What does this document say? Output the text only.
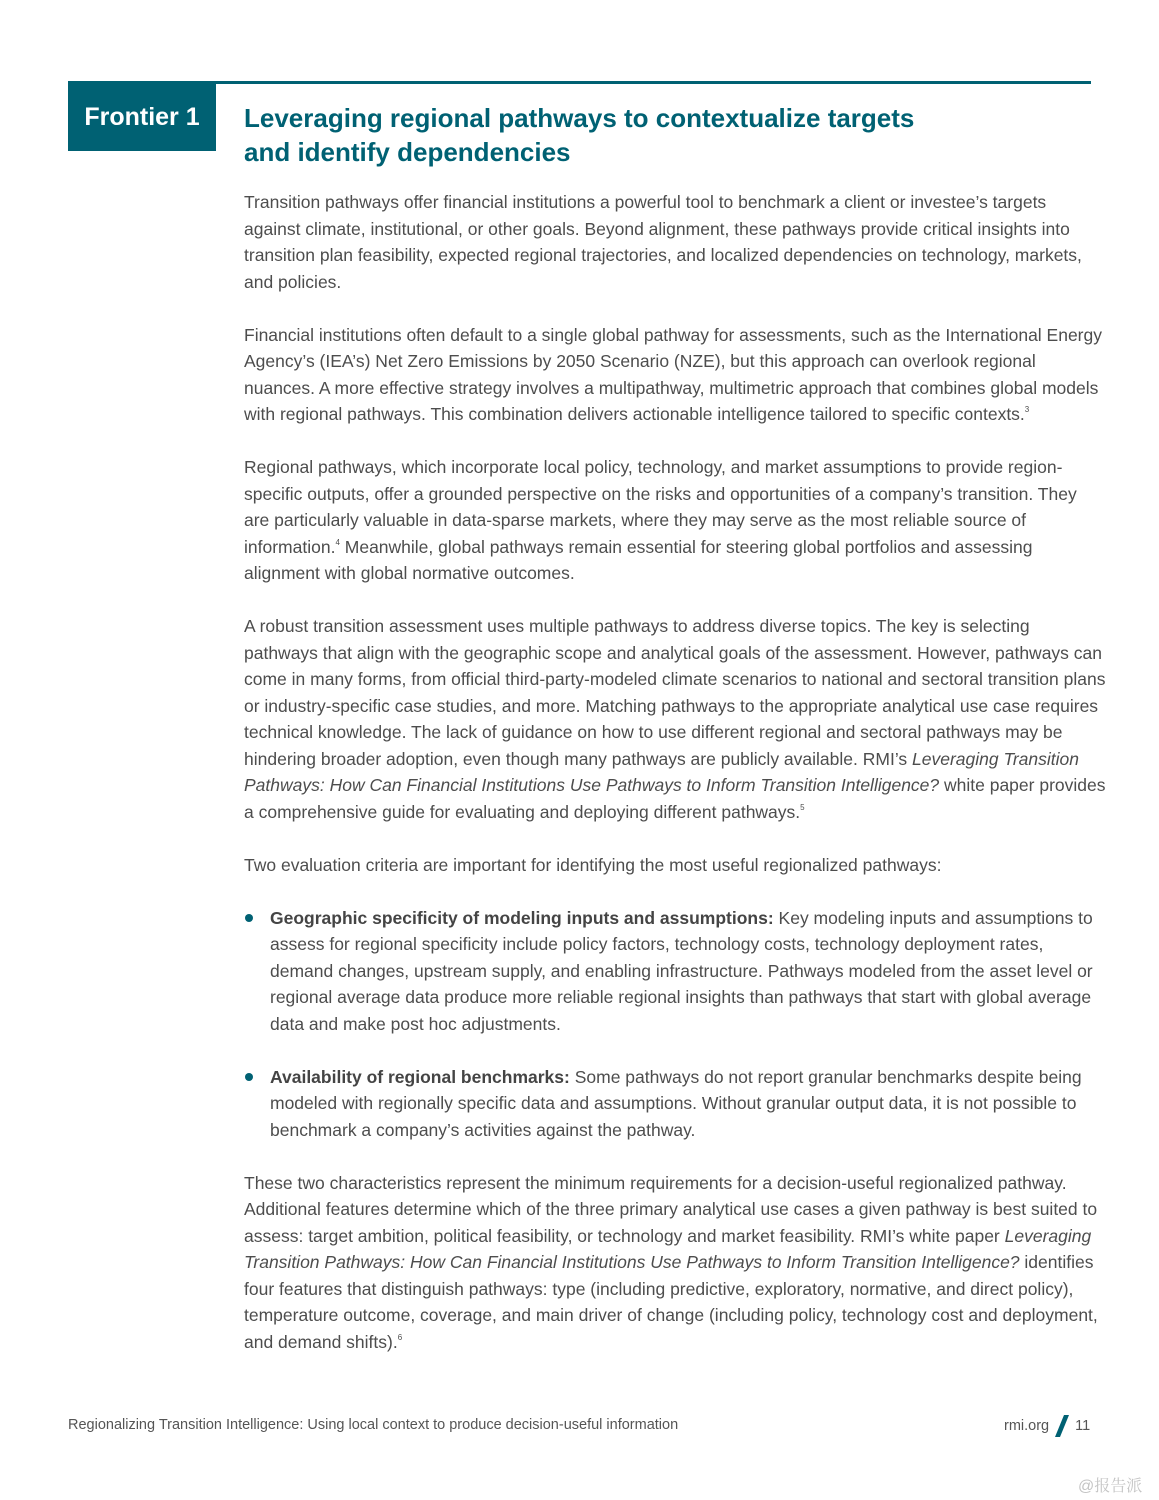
Frontier 1	Leveraging regional pathways to contextualize targets
and identify dependencies

Transition pathways offer financial institutions a powerful tool to benchmark a client or investee’s targets against climate, institutional, or other goals. Beyond alignment, these pathways provide critical insights into transition plan feasibility, expected regional trajectories, and localized dependencies on technology, markets, and policies.

Financial institutions often default to a single global pathway for assessments, such as the International Energy Agency’s (IEA’s) Net Zero Emissions by 2050 Scenario (NZE), but this approach can overlook regional nuances. A more effective strategy involves a multipathway, multimetric approach that combines global models with regional pathways. This combination delivers actionable intelligence tailored to specific contexts.$^3$

Regional pathways, which incorporate local policy, technology, and market assumptions to provide region-specific outputs, offer a grounded perspective on the risks and opportunities of a company’s transition. They are particularly valuable in data-sparse markets, where they may serve as the most reliable source of information.$^4$ Meanwhile, global pathways remain essential for steering global portfolios and assessing alignment with global normative outcomes.

A robust transition assessment uses multiple pathways to address diverse topics. The key is selecting pathways that align with the geographic scope and analytical goals of the assessment. However, pathways can come in many forms, from official third-party-modeled climate scenarios to national and sectoral transition plans or industry-specific case studies, and more. Matching pathways to the appropriate analytical use case requires technical knowledge. The lack of guidance on how to use different regional and sectoral pathways may be hindering broader adoption, even though many pathways are publicly available. RMI’s Leveraging Transition Pathways: How Can Financial Institutions Use Pathways to Inform Transition Intelligence? white paper provides a comprehensive guide for evaluating and deploying different pathways.$^5$

Two evaluation criteria are important for identifying the most useful regionalized pathways:

Geographic specificity of modeling inputs and assumptions: Key modeling inputs and assumptions to assess for regional specificity include policy factors, technology costs, technology deployment rates, demand changes, upstream supply, and enabling infrastructure. Pathways modeled from the asset level or regional average data produce more reliable regional insights than pathways that start with global average data and make post hoc adjustments.
Availability of regional benchmarks: Some pathways do not report granular benchmarks despite being modeled with regionally specific data and assumptions. Without granular output data, it is not possible to benchmark a company’s activities against the pathway.

These two characteristics represent the minimum requirements for a decision-useful regionalized pathway. Additional features determine which of the three primary analytical use cases a given pathway is best suited to assess: target ambition, political feasibility, or technology and market feasibility. RMI’s white paper Leveraging Transition Pathways: How Can Financial Institutions Use Pathways to Inform Transition Intelligence? identifies four features that distinguish pathways: type (including predictive, exploratory, normative, and direct policy), temperature outcome, coverage, and main driver of change (including policy, technology cost and deployment, and demand shifts).$^6$

Regionalizing Transition Intelligence: Using local context to produce decision-useful information	rmi.org 11
@报告派
